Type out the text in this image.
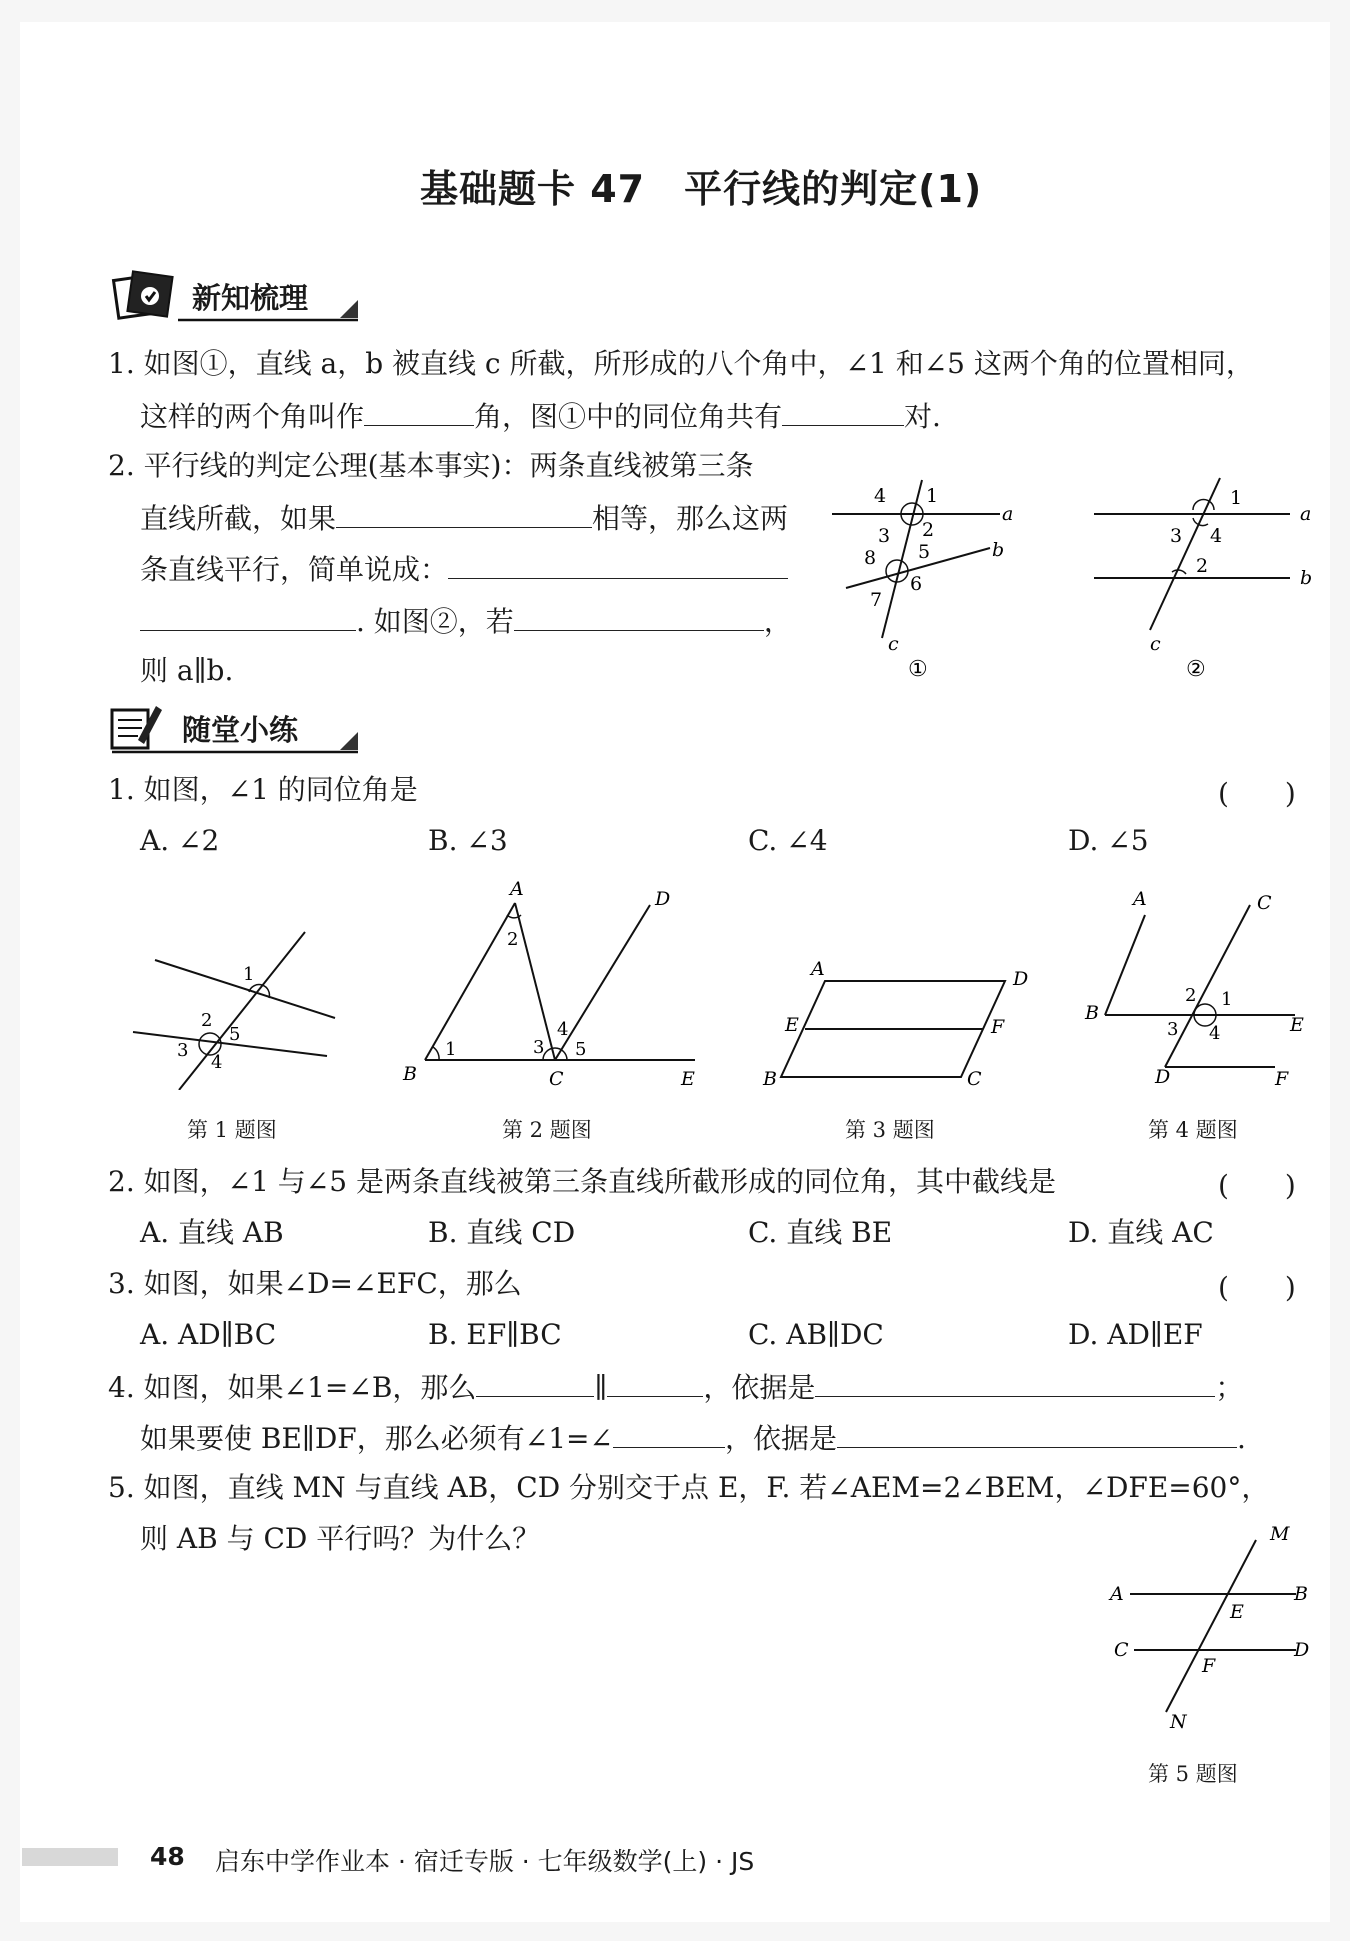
基础题卡 47　平行线的判定(1)
新知梳理
1. 如图①，直线 a，b 被直线 c 所截，所形成的八个角中，∠1 和∠5 这两个角的位置相同，
这样的两个角叫作	角，图①中的同位角共有	对.
2. 平行线的判定公理(基本事实)：两条直线被第三条
直线所截，如果	相等，那么这两
条直线平行，简单说成：
. 如图②，若	，
则 a∥b.
4 1
a
3 2
8 5	b
7
6
c
①
1
a
3 4
2
b
c
②
随堂小练
1. 如图，∠1 的同位角是	(　　)
A. ∠2	B. ∠3	C. ∠4	D. ∠5
1
2
5
3
4
A	D
2
1	3
4
5
B	C	E
A	D
E	F
B	C
A	C
2 1
B
E
3 4
D	F
第 1 题图	第 2 题图	第 3 题图	第 4 题图
2. 如图，∠1 与∠5 是两条直线被第三条直线所截形成的同位角，其中截线是	(　　)
A. 直线 AB	B. 直线 CD	C. 直线 BE	D. 直线 AC
3. 如图，如果∠D=∠EFC，那么	(　　)
A. AD∥BC	B. EF∥BC	C. AB∥DC	D. AD∥EF
4. 如图，如果∠1=∠B，那么	∥	，依据是	；
如果要使 BE∥DF，那么必须有∠1=∠	，依据是	.
5. 如图，直线 MN 与直线 AB，CD 分别交于点 E，F. 若∠AEM=2∠BEM，∠DFE=60°，
则 AB 与 CD 平行吗？为什么？	M
A	B
E
C	D
F
N
第 5 题图
48 启东中学作业本 · 宿迁专版 · 七年级数学(上) · JS
